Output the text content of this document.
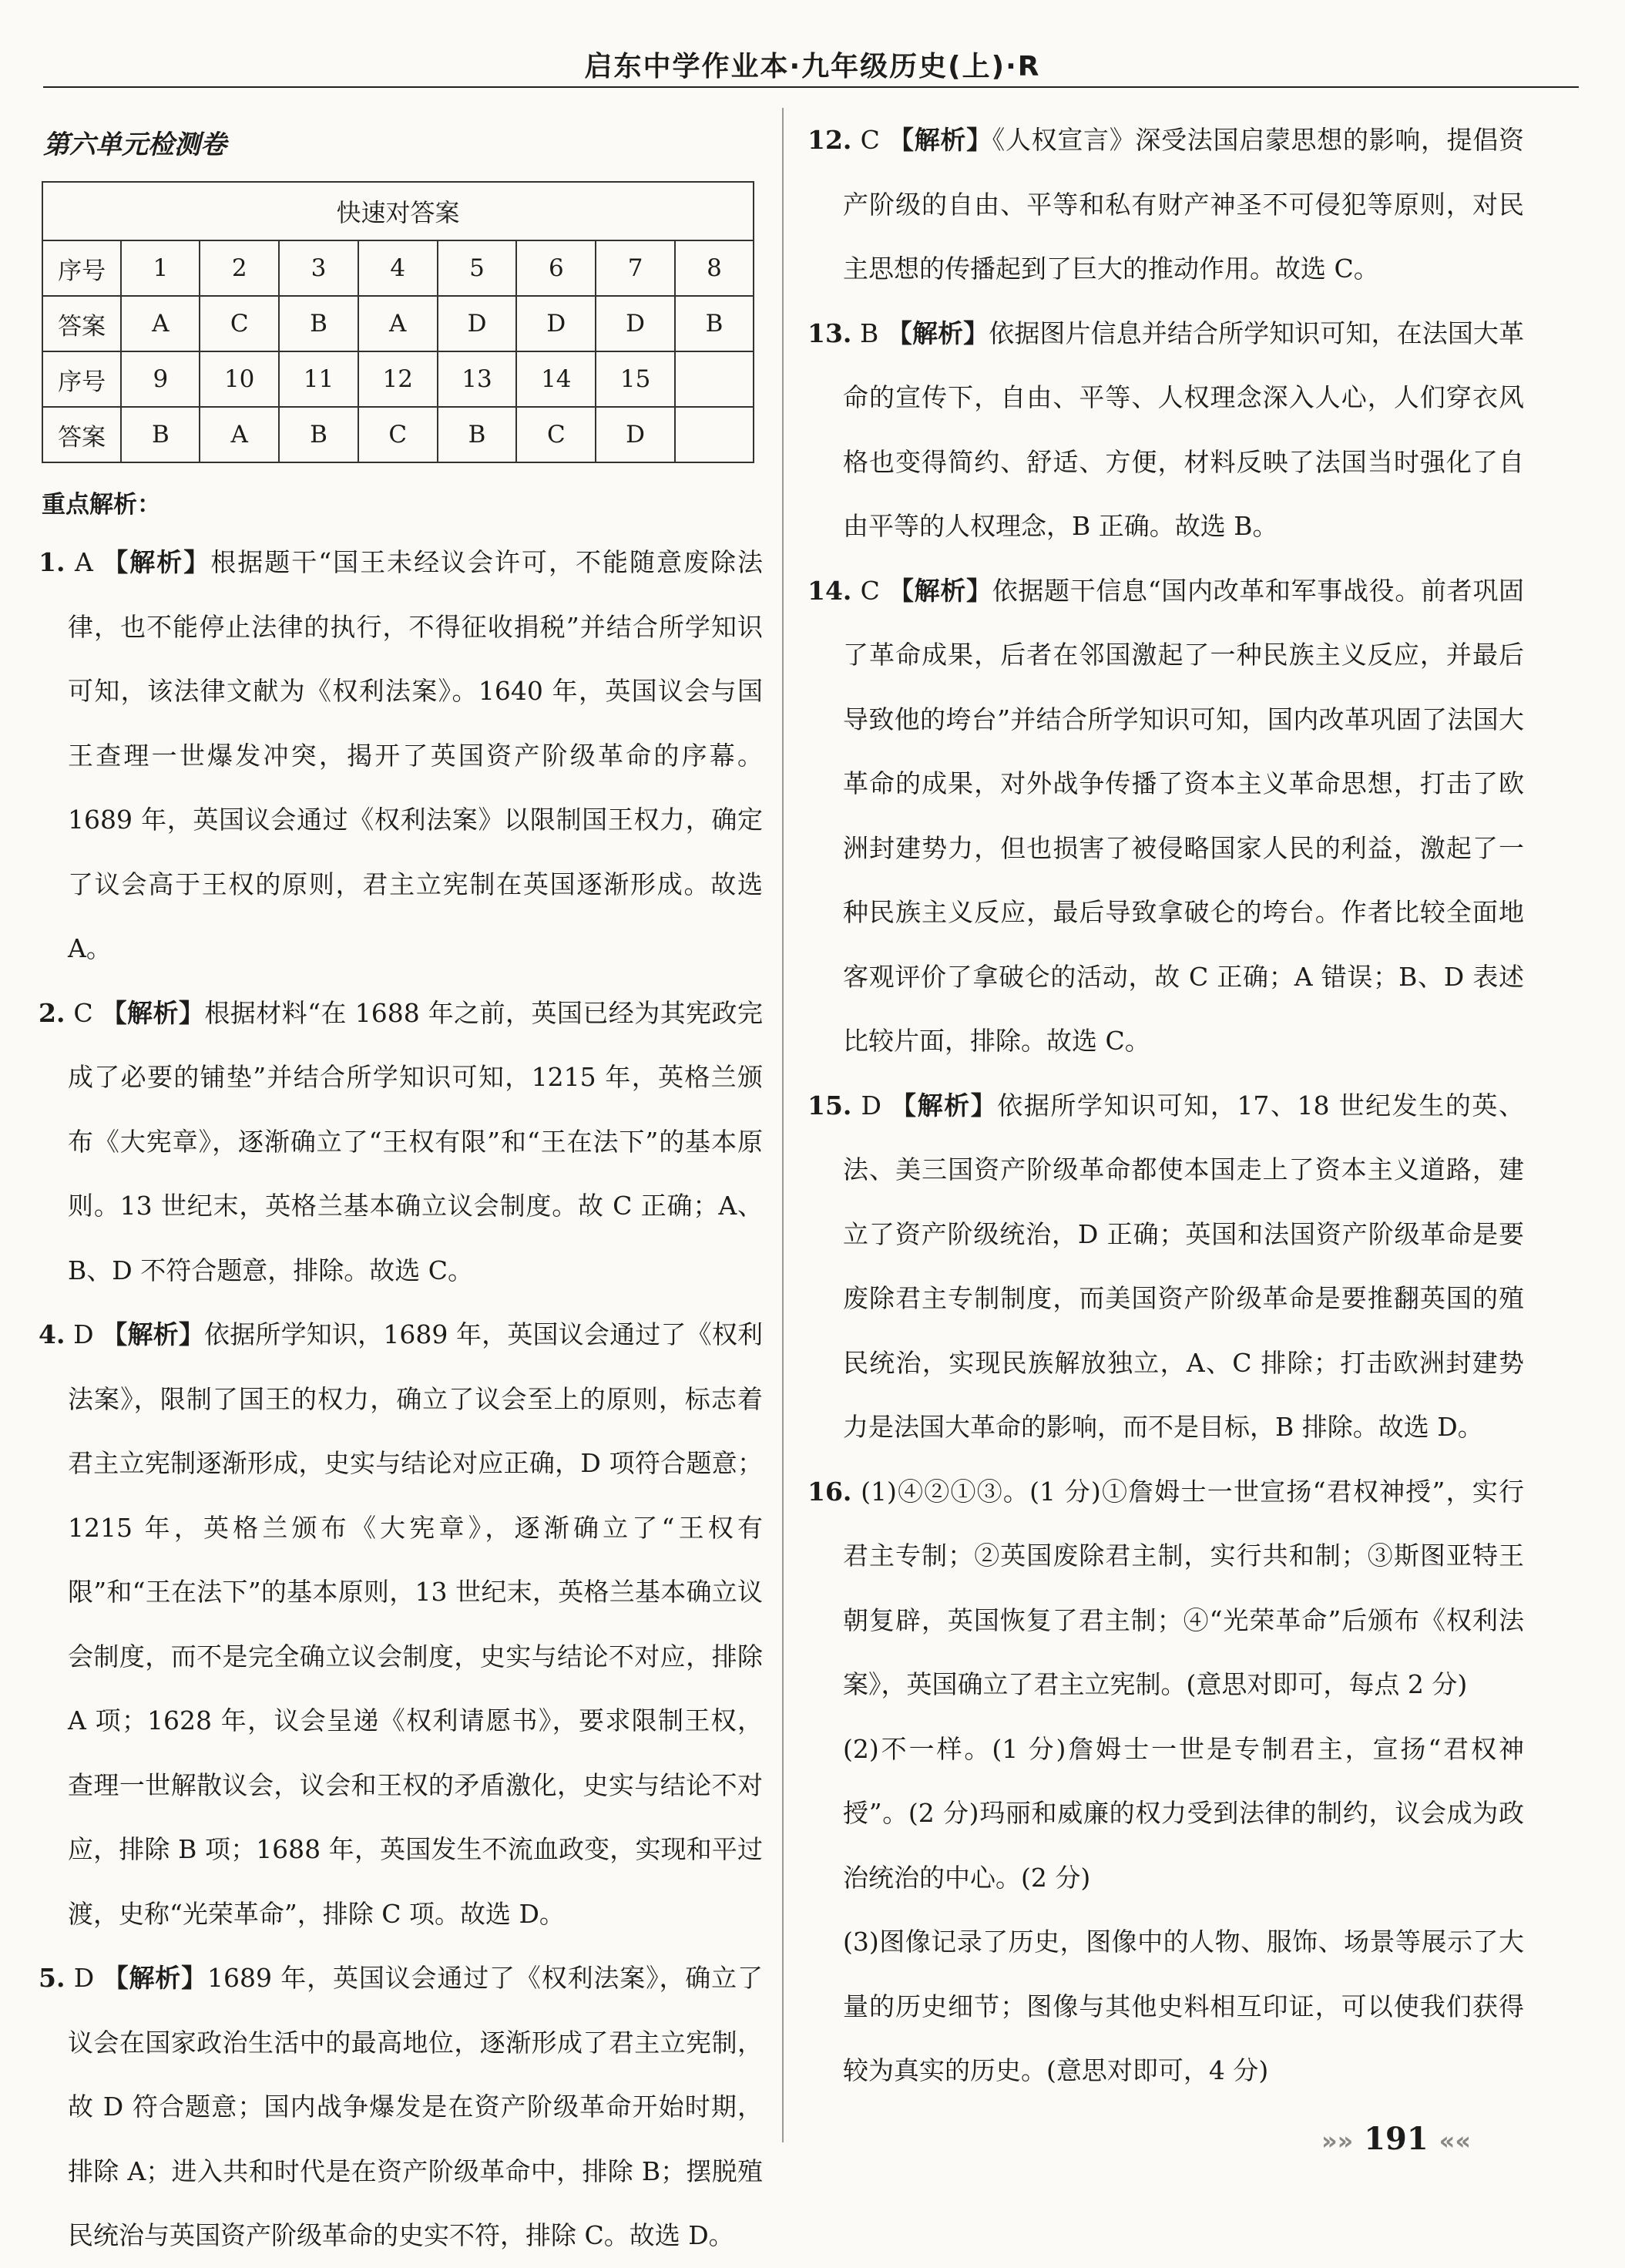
启东中学作业本·九年级历史(上)·R
第六单元检测卷
快速对答案								
序号	1	2	3	4	5	6	7	8
答案	A	C	B	A	D	D	D	B
序号	9	10	11	12	13	14	15	
答案	B	A	B	C	B	C	D	
重点解析：
1. A 【解析】根据题干“国王未经议会许可，不能随意废除法律，也不能停止法律的执行，不得征收捐税”并结合所学知识可知，该法律文献为《权利法案》。1640 年，英国议会与国王查理一世爆发冲突，揭开了英国资产阶级革命的序幕。1689 年，英国议会通过《权利法案》以限制国王权力，确定了议会高于王权的原则，君主立宪制在英国逐渐形成。故选 A。
2. C 【解析】根据材料“在 1688 年之前，英国已经为其宪政完成了必要的铺垫”并结合所学知识可知，1215 年，英格兰颁布《大宪章》，逐渐确立了“王权有限”和“王在法下”的基本原则。13 世纪末，英格兰基本确立议会制度。故 C 正确；A、B、D 不符合题意，排除。故选 C。
4. D 【解析】依据所学知识，1689 年，英国议会通过了《权利法案》，限制了国王的权力，确立了议会至上的原则，标志着君主立宪制逐渐形成，史实与结论对应正确，D 项符合题意；1215 年，英格兰颁布《大宪章》，逐渐确立了“王权有限”和“王在法下”的基本原则，13 世纪末，英格兰基本确立议会制度，而不是完全确立议会制度，史实与结论不对应，排除 A 项；1628 年，议会呈递《权利请愿书》，要求限制王权，查理一世解散议会，议会和王权的矛盾激化，史实与结论不对应，排除 B 项；1688 年，英国发生不流血政变，实现和平过渡，史称“光荣革命”，排除 C 项。故选 D。
5. D 【解析】1689 年，英国议会通过了《权利法案》，确立了议会在国家政治生活中的最高地位，逐渐形成了君主立宪制，故 D 符合题意；国内战争爆发是在资产阶级革命开始时期，排除 A；进入共和时代是在资产阶级革命中，排除 B；摆脱殖民统治与英国资产阶级革命的史实不符，排除 C。故选 D。
12. C 【解析】《人权宣言》深受法国启蒙思想的影响，提倡资产阶级的自由、平等和私有财产神圣不可侵犯等原则，对民主思想的传播起到了巨大的推动作用。故选 C。
13. B 【解析】依据图片信息并结合所学知识可知，在法国大革命的宣传下，自由、平等、人权理念深入人心，人们穿衣风格也变得简约、舒适、方便，材料反映了法国当时强化了自由平等的人权理念，B 正确。故选 B。
14. C 【解析】依据题干信息“国内改革和军事战役。前者巩固了革命成果，后者在邻国激起了一种民族主义反应，并最后导致他的垮台”并结合所学知识可知，国内改革巩固了法国大革命的成果，对外战争传播了资本主义革命思想，打击了欧洲封建势力，但也损害了被侵略国家人民的利益，激起了一种民族主义反应，最后导致拿破仑的垮台。作者比较全面地客观评价了拿破仑的活动，故 C 正确；A 错误；B、D 表述比较片面，排除。故选 C。
15. D 【解析】依据所学知识可知，17、18 世纪发生的英、法、美三国资产阶级革命都使本国走上了资本主义道路，建立了资产阶级统治，D 正确；英国和法国资产阶级革命是要废除君主专制制度，而美国资产阶级革命是要推翻英国的殖民统治，实现民族解放独立，A、C 排除；打击欧洲封建势力是法国大革命的影响，而不是目标，B 排除。故选 D。
16. (1)④②①③。(1 分)①詹姆士一世宣扬“君权神授”，实行君主专制；②英国废除君主制，实行共和制；③斯图亚特王朝复辟，英国恢复了君主制；④“光荣革命”后颁布《权利法案》，英国确立了君主立宪制。(意思对即可，每点 2 分)
(2)不一样。(1 分)詹姆士一世是专制君主，宣扬“君权神授”。(2 分)玛丽和威廉的权力受到法律的制约，议会成为政治统治的中心。(2 分)
(3)图像记录了历史，图像中的人物、服饰、场景等展示了大量的历史细节；图像与其他史料相互印证，可以使我们获得较为真实的历史。(意思对即可，4 分)
»» 191 ««
